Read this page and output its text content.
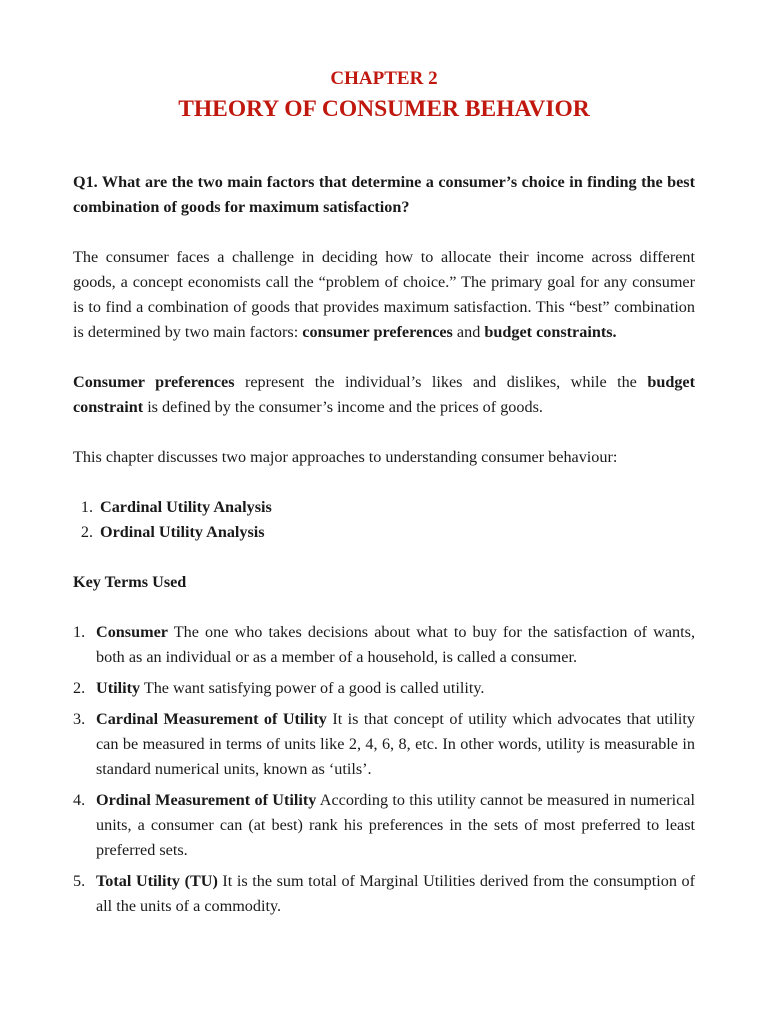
CHAPTER 2
THEORY OF CONSUMER BEHAVIOR

Q1. What are the two main factors that determine a consumer’s choice in finding the best combination of goods for maximum satisfaction?

The consumer faces a challenge in deciding how to allocate their income across different goods, a concept economists call the “problem of choice.” The primary goal for any consumer is to find a combination of goods that provides maximum satisfaction. This “best” combination is determined by two main factors: consumer preferences and budget constraints.

Consumer preferences represent the individual’s likes and dislikes, while the budget constraint is defined by the consumer’s income and the prices of goods.

This chapter discusses two major approaches to understanding consumer behaviour:

1. Cardinal Utility Analysis
2. Ordinal Utility Analysis

Key Terms Used

1. Consumer The one who takes decisions about what to buy for the satisfaction of wants, both as an individual or as a member of a household, is called a consumer.
2. Utility The want satisfying power of a good is called utility.
3. Cardinal Measurement of Utility It is that concept of utility which advocates that utility can be measured in terms of units like 2, 4, 6, 8, etc. In other words, utility is measurable in standard numerical units, known as ‘utils’.
4. Ordinal Measurement of Utility According to this utility cannot be measured in numerical units, a consumer can (at best) rank his preferences in the sets of most preferred to least preferred sets.
5. Total Utility (TU) It is the sum total of Marginal Utilities derived from the consumption of all the units of a commodity.
